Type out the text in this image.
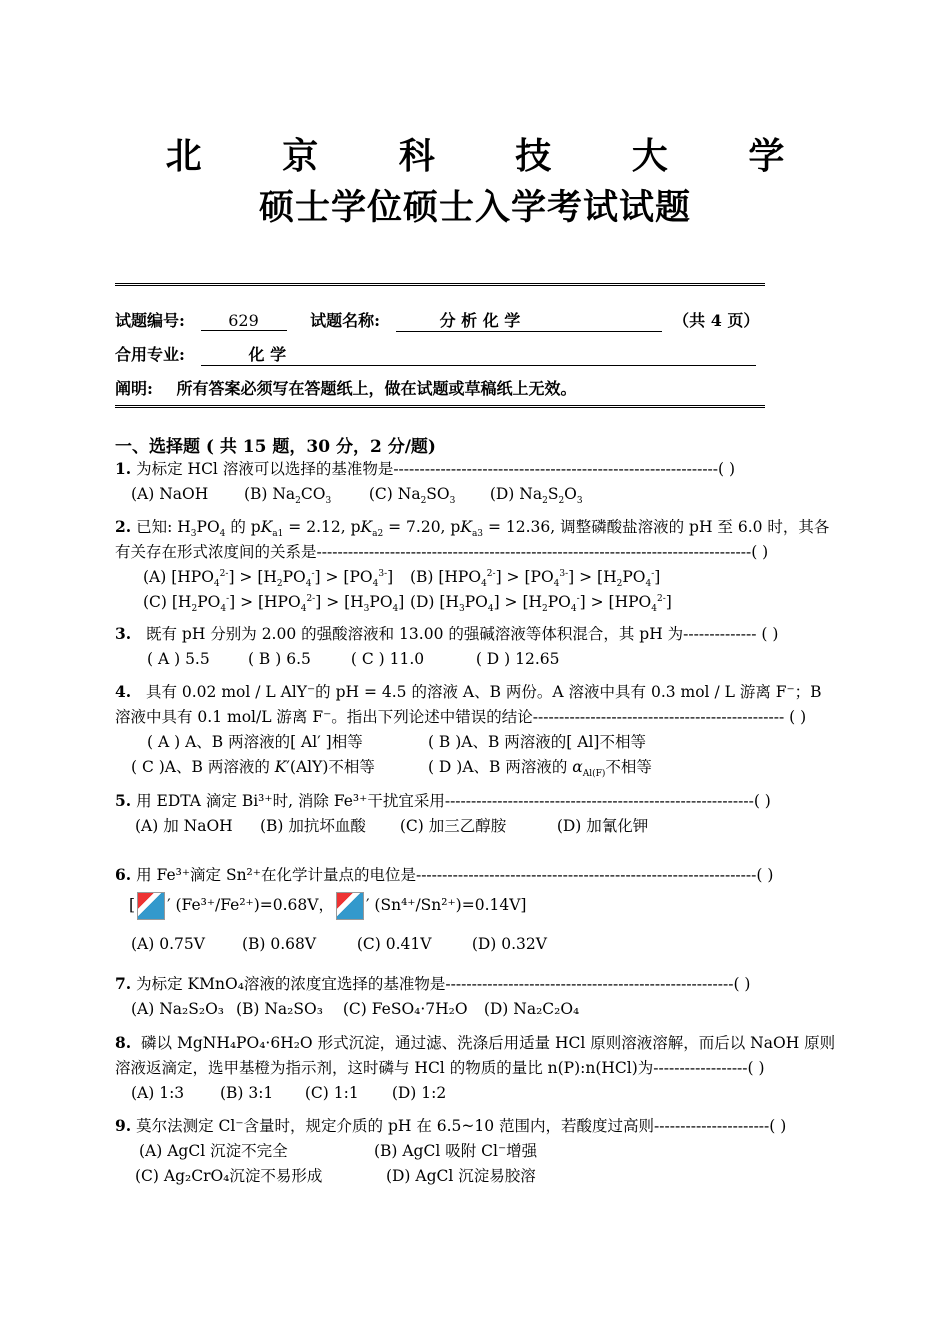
北 京 科 技 大 学
硕士学位硕士入学考试试题
试题编号:	629	试题名称:	分 析 化 学	（共 4 页）
合用专业:	化 学
阐明: 所有答案必须写在答题纸上，做在试题或草稿纸上无效。
一、选择题 ( 共 15 题，30 分，2 分/题)
1. 为标定 HCl 溶液可以选择的基准物是--------------------------------------------------------------( )
(A) NaOH (B) $Na_2CO_3$ (C) $Na_2SO_3$ (D) $Na_2S_2O_3$
2. 已知: $H_3PO_4$ 的 $pK_{a1} = 2.12$, $pK_{a2} = 7.20$, $pK_{a3} = 12.36$, 调整磷酸盐溶液的 pH 至 6.0 时，其各有关存在形式浓度间的关系是-----------------------------------------------------------------------------------( )
(A) $[HPO_4^{2-}] > [H_2PO_4^-] > [PO_4^{3-}]$ (B) $[HPO_4^{2-}] > [PO_4^{3-}] > [H_2PO_4^-]$
(C) $[H_2PO_4^-] > [HPO_4^{2-}] > [H_3PO_4]$ (D) $[H_3PO_4] > [H_2PO_4^-] > [HPO_4^{2-}]$
3. 既有 pH 分别为 2.00 的强酸溶液和 13.00 的强碱溶液等体积混合，其 pH 为-------------- ( )
( A ) 5.5 ( B ) 6.5	( C ) 11.0	( D ) 12.65
4. 具有 0.02 mol / L AlY⁻的 pH = 4.5 的溶液 A、B 两份。A 溶液中具有 0.3 mol / L 游离 F⁻；B 溶液中具有 0.1 mol/L 游离 F⁻。指出下列论述中错误的结论------------------------------------------------ ( )
( A ) A、B 两溶液的[ Al′ ]相等	( B )A、B 两溶液的[ Al]不相等
( C )A、B 两溶液的 K′(AlY)不相等	( D )A、B 两溶液的 $\alpha_{Al(F)}$不相等
5. 用 EDTA 滴定 Bi³⁺时, 消除 Fe³⁺干扰宜采用-----------------------------------------------------------( )
(A) 加 NaOH (B) 加抗坏血酸 (C) 加三乙醇胺	(D) 加氰化钾
6. 用 Fe³⁺滴定 Sn²⁺在化学计量点的电位是-----------------------------------------------------------------( )
[ ′ (Fe³⁺/Fe²⁺)=0.68V， ′ (Sn⁴⁺/Sn²⁺)=0.14V]
(A) 0.75V (B) 0.68V	(C) 0.41V	(D) 0.32V
7. 为标定 KMnO₄溶液的浓度宜选择的基准物是-------------------------------------------------------( )
(A) Na₂S₂O₃ (B) Na₂SO₃ (C) FeSO₄·7H₂O (D) Na₂C₂O₄
8. 磷以 MgNH₄PO₄·6H₂O 形式沉淀，通过滤、洗涤后用适量 HCl 原则溶液溶解，而后以 NaOH 原则溶液返滴定，选甲基橙为指示剂，这时磷与 HCl 的物质的量比 n(P):n(HCl)为------------------( )
(A) 1:3 (B) 3:1 (C) 1:1 (D) 1:2
9. 莫尔法测定 Cl⁻含量时，规定介质的 pH 在 6.5~10 范围内，若酸度过高则----------------------( )
(A) AgCl 沉淀不完全	(B) AgCl 吸附 Cl⁻增强
(C) Ag₂CrO₄沉淀不易形成	(D) AgCl 沉淀易胶溶
